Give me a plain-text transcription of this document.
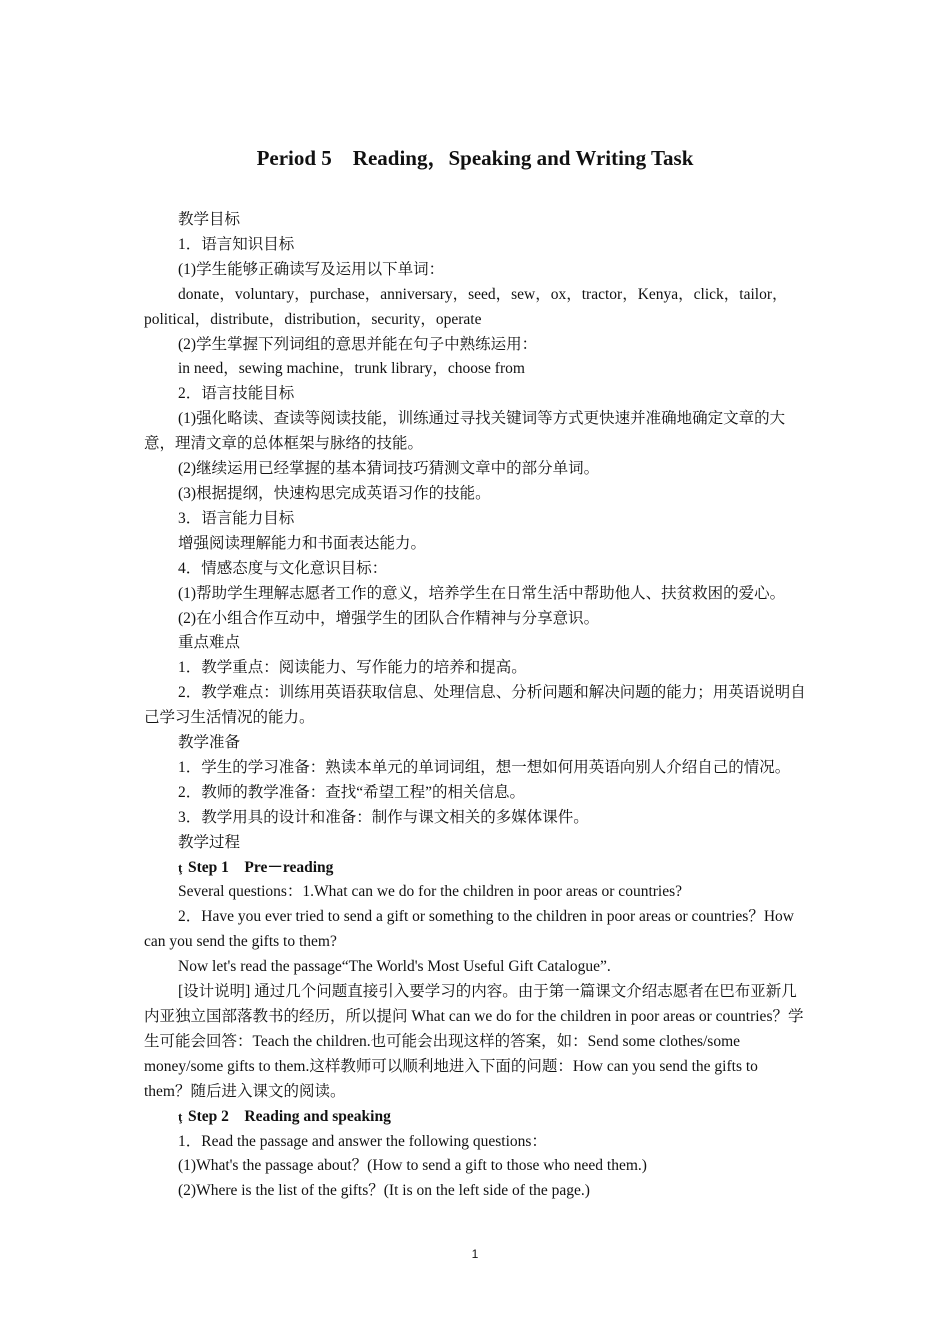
Period 5　Reading，Speaking and Writing Task

教学目标

1．语言知识目标

(1)学生能够正确读写及运用以下单词：

donate，voluntary，purchase，anniversary，seed，sew，ox，tractor，Kenya，click，tailor，political，distribute，distribution，security，operate

(2)学生掌握下列词组的意思并能在句子中熟练运用：

in need，sewing machine，trunk library，choose from

2．语言技能目标

(1)强化略读、查读等阅读技能，训练通过寻找关键词等方式更快速并准确地确定文章的大意，理清文章的总体框架与脉络的技能。

(2)继续运用已经掌握的基本猜词技巧猜测文章中的部分单词。

(3)根据提纲，快速构思完成英语习作的技能。

3．语言能力目标

增强阅读理解能力和书面表达能力。

4．情感态度与文化意识目标：

(1)帮助学生理解志愿者工作的意义，培养学生在日常生活中帮助他人、扶贫救困的爱心。

(2)在小组合作互动中，增强学生的团队合作精神与分享意识。

重点难点

1．教学重点：阅读能力、写作能力的培养和提高。

2．教学难点：训练用英语获取信息、处理信息、分析问题和解决问题的能力；用英语说明自己学习生活情况的能力。

教学准备

1．学生的学习准备：熟读本单元的单词词组，想一想如何用英语向别人介绍自己的情况。

2．教师的教学准备：查找“希望工程”的相关信息。

3．教学用具的设计和准备：制作与课文相关的多媒体课件。

教学过程

ţ Step 1　Pre－reading

Several questions：1.What can we do for the children in poor areas or countries?

2．Have you ever tried to send a gift or something to the children in poor areas or countries？How can you send the gifts to them?

Now let's read the passage“The World's Most Useful Gift Catalogue”.

[设计说明] 通过几个问题直接引入要学习的内容。由于第一篇课文介绍志愿者在巴布亚新几内亚独立国部落教书的经历，所以提问 What can we do for the children in poor areas or countries？学生可能会回答：Teach the children.也可能会出现这样的答案，如：Send some clothes/some money/some gifts to them.这样教师可以顺利地进入下面的问题：How can you send the gifts to them？随后进入课文的阅读。

ţ Step 2　Reading and speaking

1．Read the passage and answer the following questions：

(1)What's the passage about？(How to send a gift to those who need them.)

(2)Where is the list of the gifts？(It is on the left side of the page.)

1
